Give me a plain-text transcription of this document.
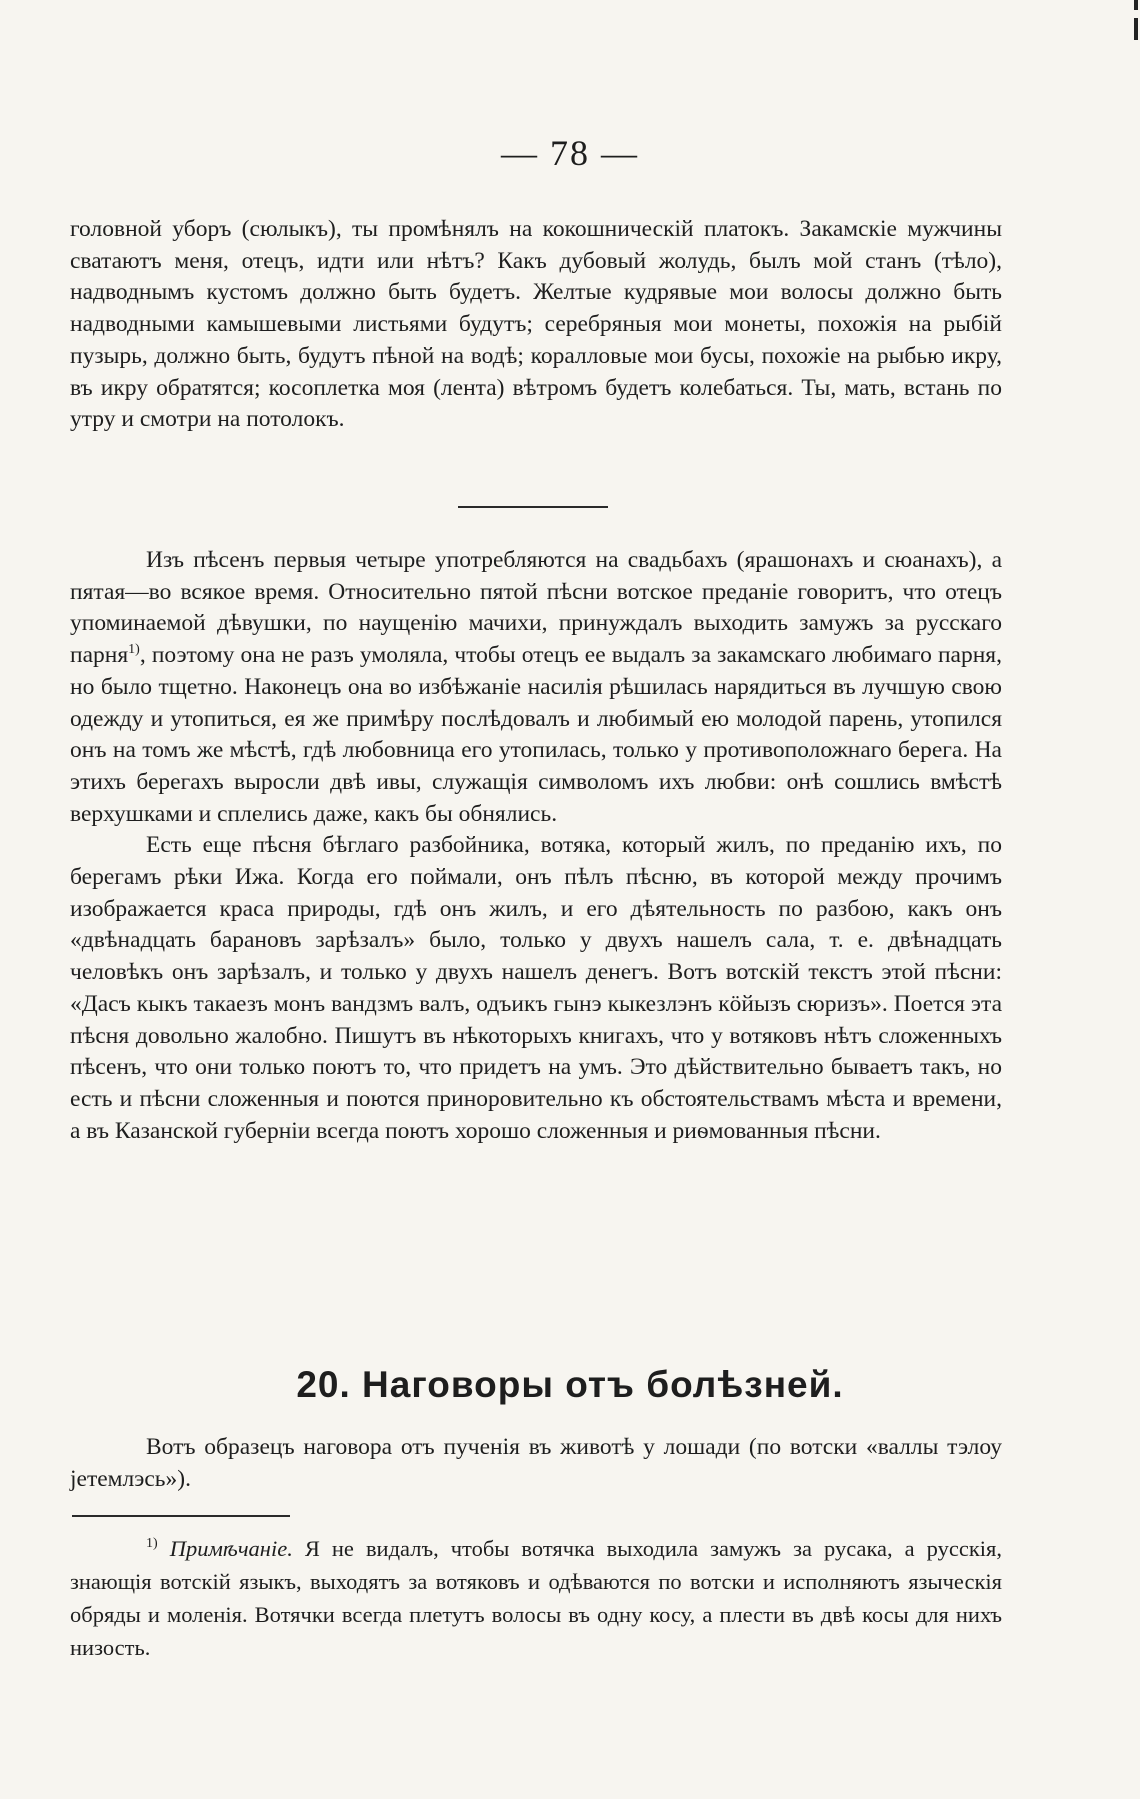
— 78 —

головной уборъ (сюлыкъ), ты промѣнялъ на кокошническій платокъ. Закамскіе мужчины сватаютъ меня, отецъ, идти или нѣтъ? Какъ дубовый жолудь, былъ мой станъ (тѣло), надводнымъ кустомъ должно быть будетъ. Желтые кудрявые мои волосы должно быть надводными камышевыми листьями будутъ; серебряныя мои монеты, похожія на рыбій пузырь, должно быть, будутъ пѣной на водѣ; коралловые мои бусы, похожіе на рыбью икру, въ икру обратятся; косоплетка моя (лента) вѣтромъ будетъ колебаться. Ты, мать, встань по утру и смотри на потолокъ.

Изъ пѣсенъ первыя четыре употребляются на свадьбахъ (ярашонахъ и сюанахъ), а пятая—во всякое время. Относительно пятой пѣсни вотское преданіе говоритъ, что отецъ упоминаемой дѣвушки, по наущенію мачихи, принуждалъ выходить замужъ за русскаго парня$^{1)}$, поэтому она не разъ умоляла, чтобы отецъ ее выдалъ за закамскаго любимаго парня, но было тщетно. Наконецъ она во избѣжаніе насилія рѣшилась нарядиться въ лучшую свою одежду и утопиться, ея же примѣру послѣдовалъ и любимый ею молодой парень, утопился онъ на томъ же мѣстѣ, гдѣ любовница его утопилась, только у противоположнаго берега. На этихъ берегахъ выросли двѣ ивы, служащія символомъ ихъ любви: онѣ сошлись вмѣстѣ верхушками и сплелись даже, какъ бы обнялись.

Есть еще пѣсня бѣглаго разбойника, вотяка, который жилъ, по преданію ихъ, по берегамъ рѣки Ижа. Когда его поймали, онъ пѣлъ пѣсню, въ которой между прочимъ изображается краса природы, гдѣ онъ жилъ, и его дѣятельность по разбою, какъ онъ «двѣнадцать барановъ зарѣзалъ» было, только у двухъ нашелъ сала, т. е. двѣнадцать человѣкъ онъ зарѣзалъ, и только у двухъ нашелъ денегъ. Вотъ вотскій текстъ этой пѣсни: «Дасъ кыкъ такаезъ монъ вандзмъ валъ, одъикъ гынэ кыкезлэнъ кöйызъ сюризъ». Поется эта пѣсня довольно жалобно. Пишутъ въ нѣкоторыхъ книгахъ, что у вотяковъ нѣтъ сложенныхъ пѣсенъ, что они только поютъ то, что придетъ на умъ. Это дѣйствительно бываетъ такъ, но есть и пѣсни сложенныя и поются приноровительно къ обстоятельствамъ мѣста и времени, а въ Казанской губерніи всегда поютъ хорошо сложенныя и риѳмованныя пѣсни.

20. Наговоры отъ болѣзней.

Вотъ образецъ наговора отъ пученія въ животѣ у лошади (по вотски «валлы тэлоу јетемлэсь»).

$^{1)}$ Примѣчаніе. Я не видалъ, чтобы вотячка выходила замужъ за русака, а русскія, знающія вотскій языкъ, выходятъ за вотяковъ и одѣваются по вотски и исполняютъ языческія обряды и моленія. Вотячки всегда плетутъ волосы въ одну косу, а плести въ двѣ косы для нихъ низость.
